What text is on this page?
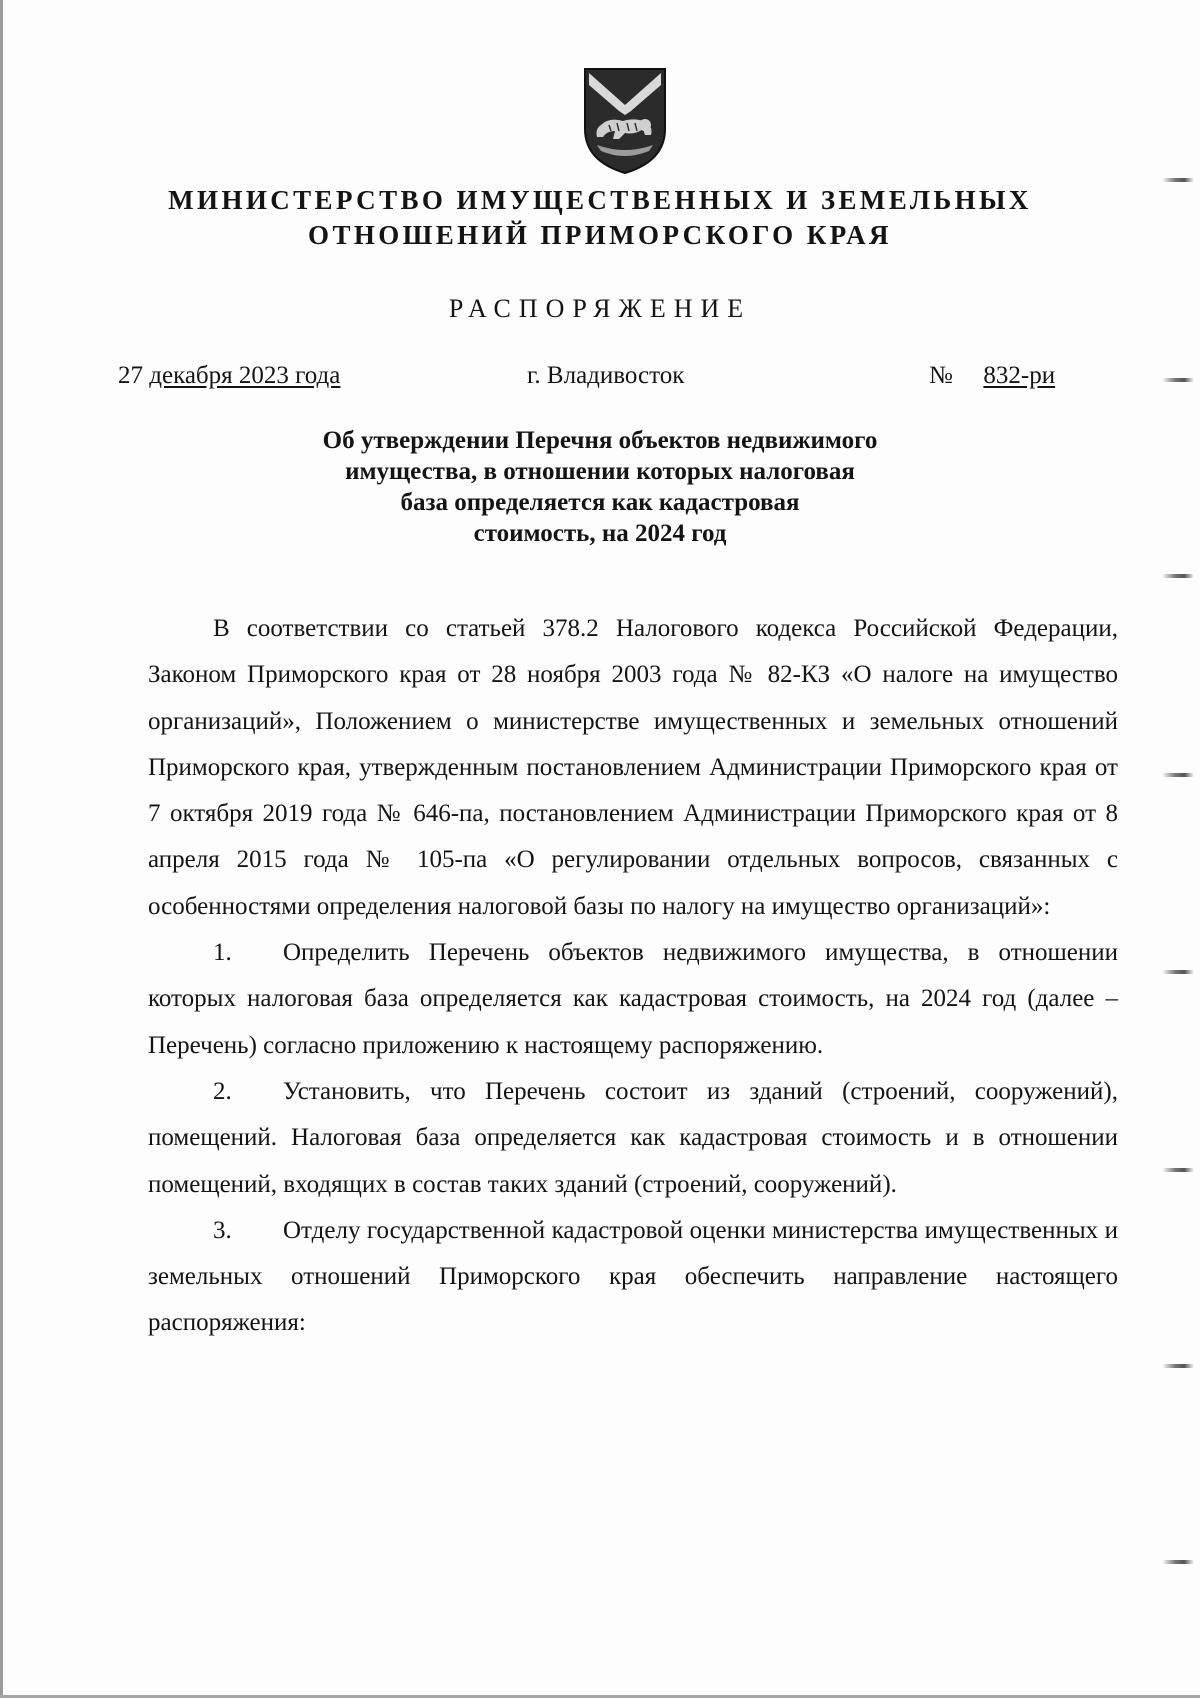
МИНИСТЕРСТВО ИМУЩЕСТВЕННЫХ И ЗЕМЕЛЬНЫХ
ОТНОШЕНИЙ ПРИМОРСКОГО КРАЯ
РАСПОРЯЖЕНИЕ
27 декабря 2023 года	г. Владивосток	№ 832-ри
Об утверждении Перечня объектов недвижимого
имущества, в отношении которых налоговая
база определяется как кадастровая
стоимость, на 2024 год

В соответствии со статьей 378.2 Налогового кодекса Российской Федерации, Законом Приморского края от 28 ноября 2003 года № 82-КЗ «О налоге на имущество организаций», Положением о министерстве имущественных и земельных отношений Приморского края, утвержденным постановлением Администрации Приморского края от 7 октября 2019 года № 646-па, постановлением Администрации Приморского края от 8 апреля 2015 года № 105-па «О регулировании отдельных вопросов, связанных с особенностями определения налоговой базы по налогу на имущество организаций»:

1. Определить Перечень объектов недвижимого имущества, в отношении которых налоговая база определяется как кадастровая стоимость, на 2024 год (далее – Перечень) согласно приложению к настоящему распоряжению.

2. Установить, что Перечень состоит из зданий (строений, сооружений), помещений. Налоговая база определяется как кадастровая стоимость и в отношении помещений, входящих в состав таких зданий (строений, сооружений).

3. Отделу государственной кадастровой оценки министерства имущественных и земельных отношений Приморского края обеспечить направление настоящего распоряжения:
